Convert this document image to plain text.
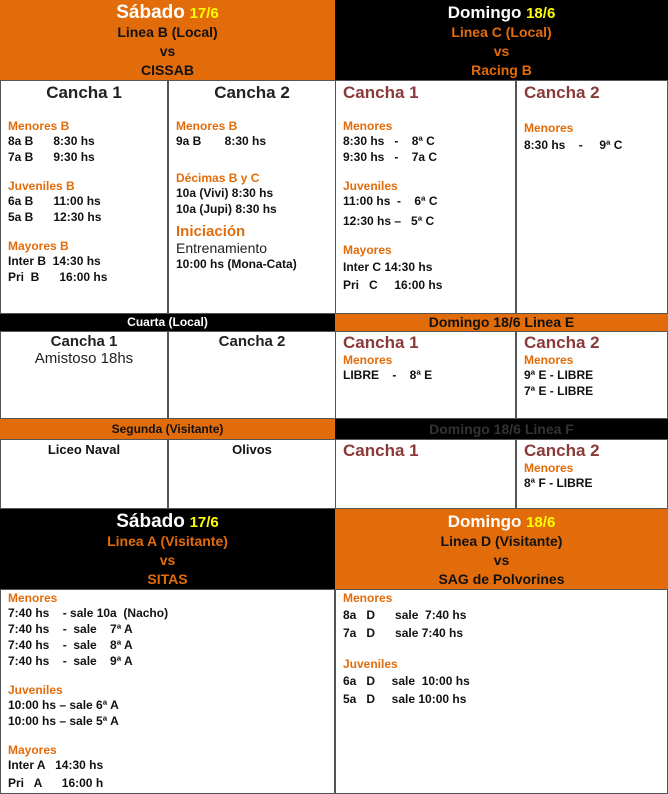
Sábado 17/6
Linea B (Local)
vs
CISSAB
Domingo 18/6
Linea C (Local)
vs
Racing B
Cancha 1
Menores B
8a B      8:30 hs
7a B      9:30 hs
Juveniles B
6a B      11:00 hs
5a B      12:30 hs
Mayores B
Inter B  14:30 hs
Pri  B      16:00 hs
Cancha 2
Menores B
9a B       8:30 hs
Décimas B y C
10a (Vivi) 8:30 hs
10a (Jupi) 8:30 hs
Iniciación
Entrenamiento
10:00 hs (Mona-Cata)
Cancha 1
Menores
8:30 hs   -    8ª C
9:30 hs   -    7a C
Juveniles
11:00 hs  -    6ª C
12:30 hs –   5ª C
Mayores
Inter C 14:30 hs
Pri   C     16:00 hs
Cancha 2
Menores
8:30 hs    -     9ª C
Cuarta (Local)
Cancha 1
Amistoso 18hs
Cancha 2
Domingo 18/6 Linea E
Cancha 1
Menores
LIBRE    -    8ª E
Cancha 2
Menores
9ª E - LIBRE
7ª E - LIBRE
Segunda (Visitante)
Liceo Naval	Olivos
Domingo 18/6 Linea F
Cancha 1	Cancha 2
Menores
8ª F - LIBRE
Sábado 17/6
Linea A (Visitante)
vs
SITAS
Domingo 18/6
Linea D (Visitante)
vs
SAG de Polvorines
Menores
7:40 hs    - sale 10a  (Nacho)
7:40 hs    -  sale    7ª A
7:40 hs    -  sale    8ª A
7:40 hs    -  sale    9ª A
Juveniles
10:00 hs – sale 6ª A
10:00 hs – sale 5ª A
Mayores
Inter A   14:30 hs
Pri   A      16:00 h
Menores
8a   D      sale  7:40 hs
7a   D      sale 7:40 hs
Juveniles
6a   D     sale  10:00 hs
5a   D     sale 10:00 hs
